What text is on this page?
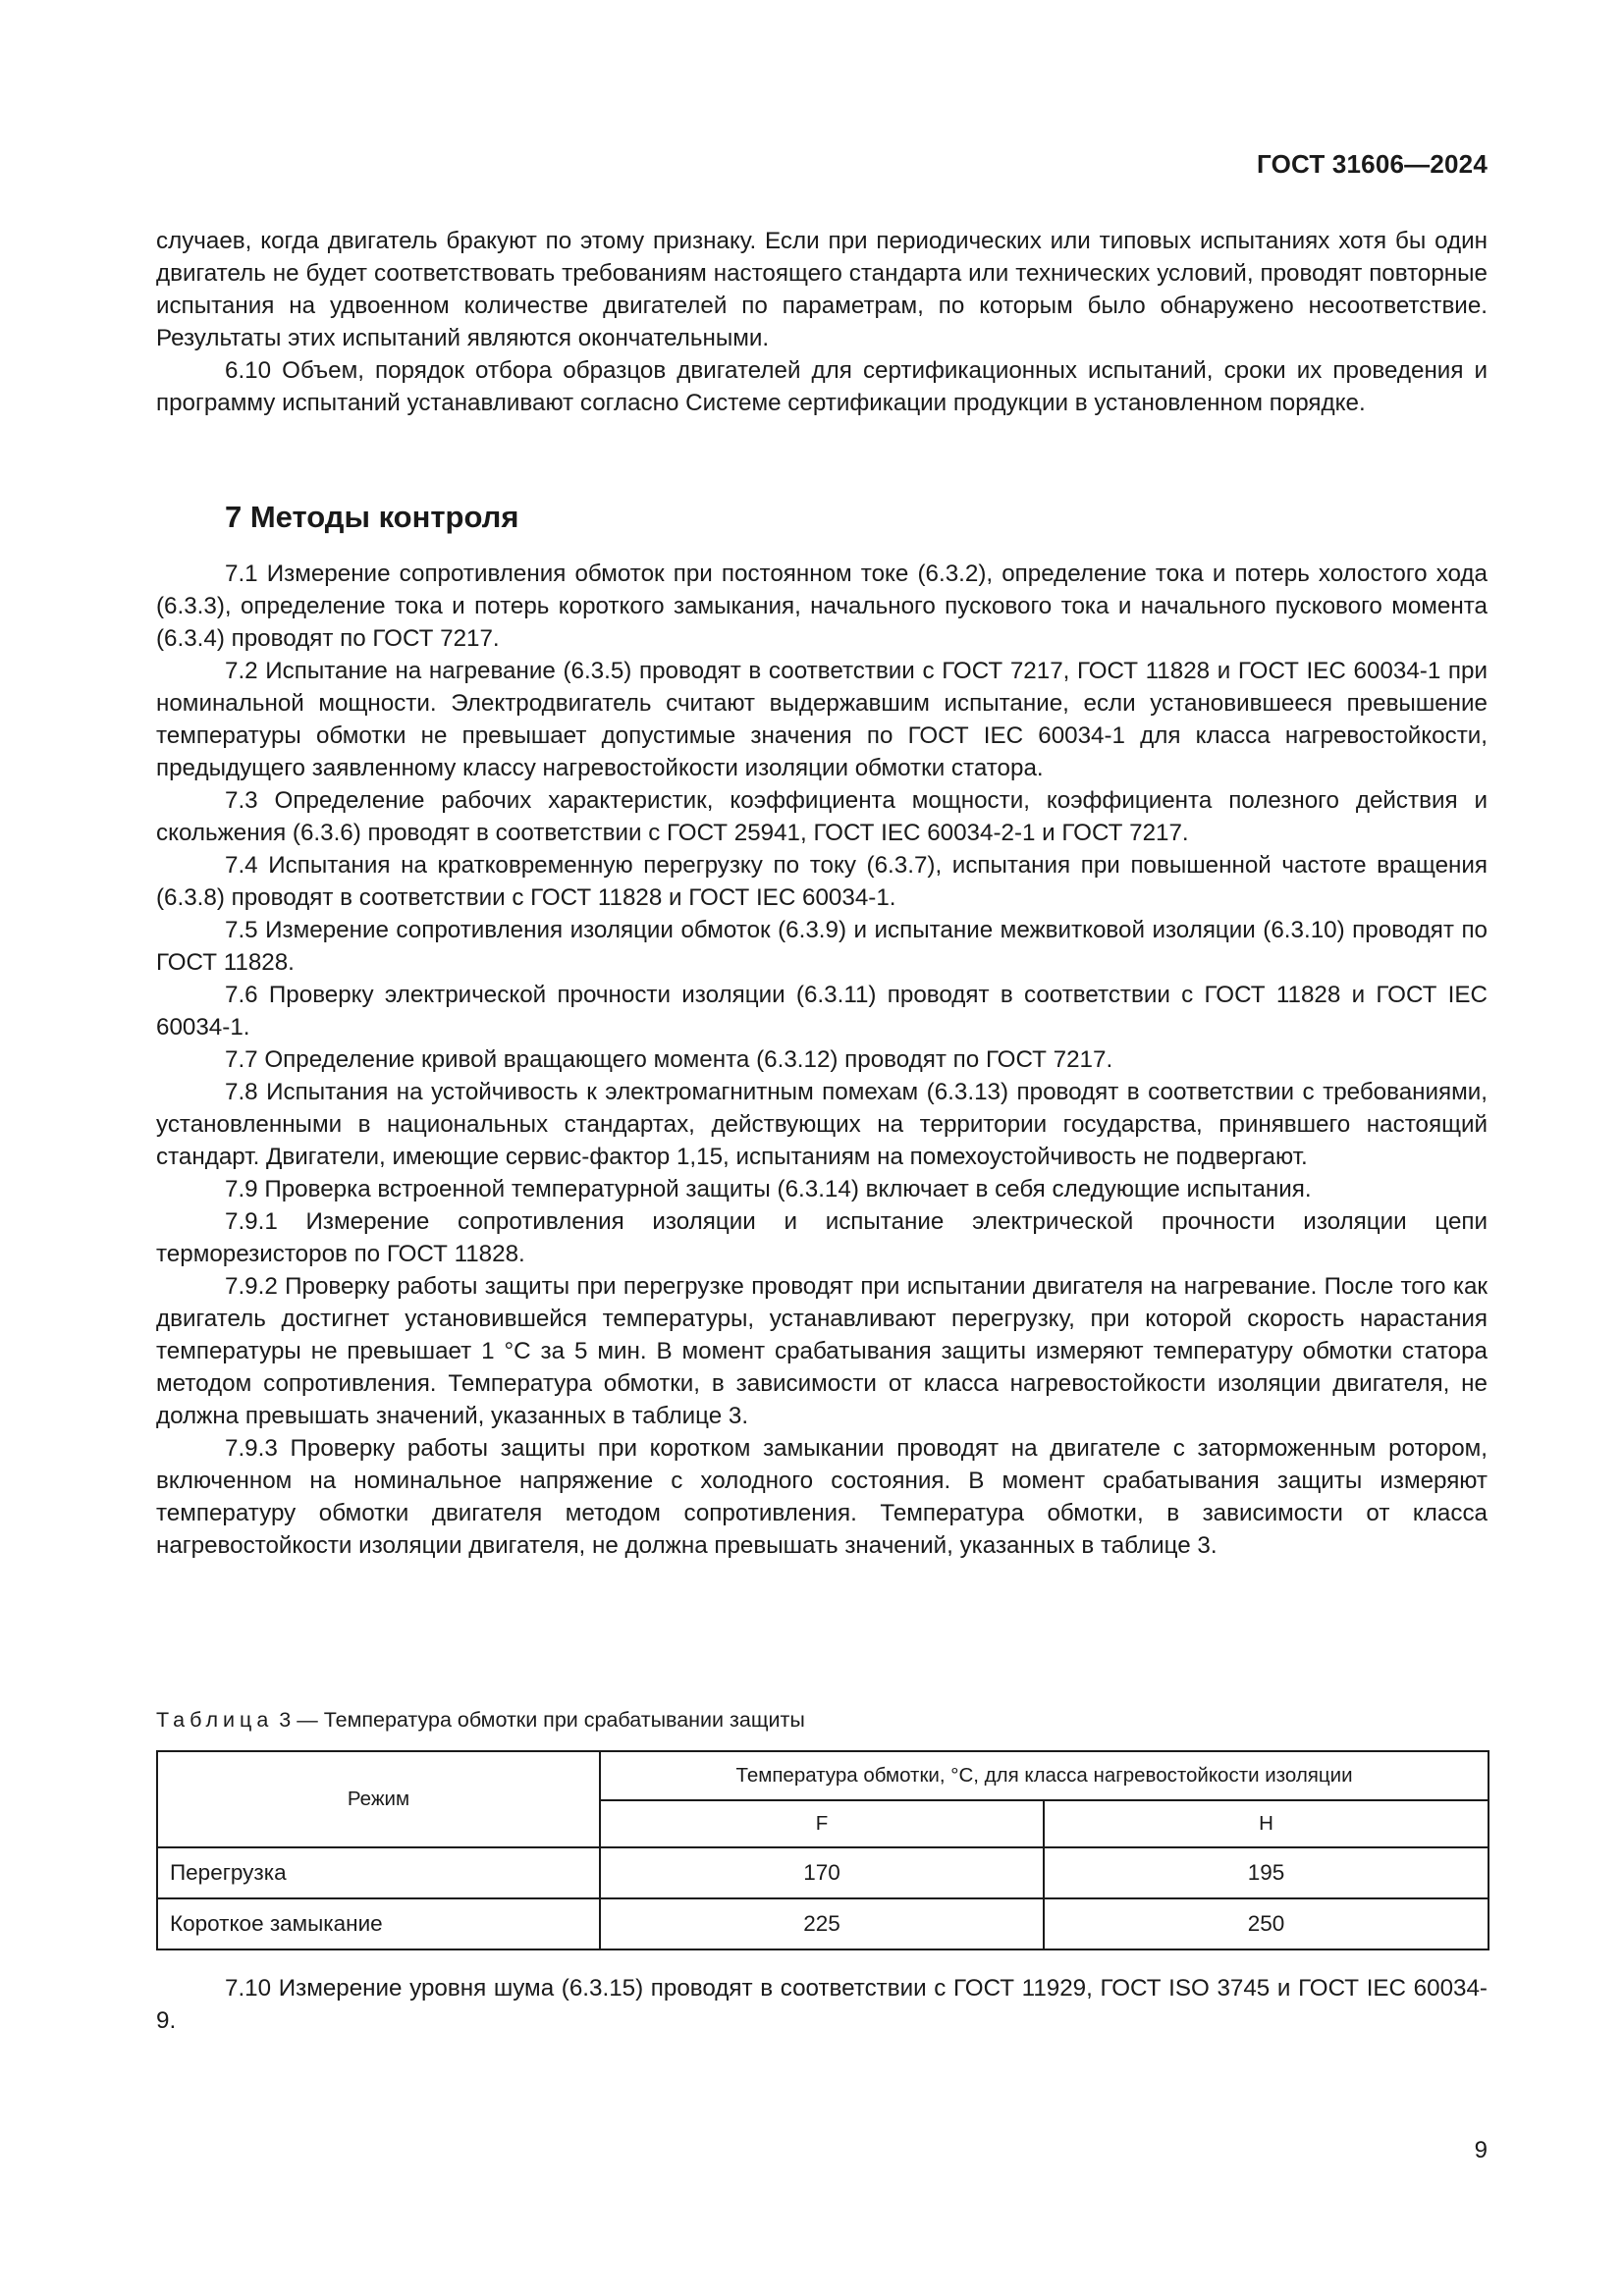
ГОСТ 31606—2024

случаев, когда двигатель бракуют по этому признаку. Если при периодических или типовых испытаниях хотя бы один двигатель не будет соответствовать требованиям настоящего стандарта или технических условий, проводят повторные испытания на удвоенном количестве двигателей по параметрам, по которым было обнаружено несоответствие. Результаты этих испытаний являются окончательными.

6.10 Объем, порядок отбора образцов двигателей для сертификационных испытаний, сроки их проведения и программу испытаний устанавливают согласно Системе сертификации продукции в установленном порядке.

7 Методы контроля

7.1 Измерение сопротивления обмоток при постоянном токе (6.3.2), определение тока и потерь холостого хода (6.3.3), определение тока и потерь короткого замыкания, начального пускового тока и начального пускового момента (6.3.4) проводят по ГОСТ 7217.

7.2 Испытание на нагревание (6.3.5) проводят в соответствии с ГОСТ 7217, ГОСТ 11828 и ГОСТ IEC 60034-1 при номинальной мощности. Электродвигатель считают выдержавшим испытание, если установившееся превышение температуры обмотки не превышает допустимые значения по ГОСТ IEC 60034-1 для класса нагревостойкости, предыдущего заявленному классу нагревостойкости изоляции обмотки статора.

7.3 Определение рабочих характеристик, коэффициента мощности, коэффициента полезного действия и скольжения (6.3.6) проводят в соответствии с ГОСТ 25941, ГОСТ IEC 60034-2-1 и ГОСТ 7217.

7.4 Испытания на кратковременную перегрузку по току (6.3.7), испытания при повышенной частоте вращения (6.3.8) проводят в соответствии с ГОСТ 11828 и ГОСТ IEC 60034-1.

7.5 Измерение сопротивления изоляции обмоток (6.3.9) и испытание межвитковой изоляции (6.3.10) проводят по ГОСТ 11828.

7.6 Проверку электрической прочности изоляции (6.3.11) проводят в соответствии с ГОСТ 11828 и ГОСТ IEC 60034-1.

7.7 Определение кривой вращающего момента (6.3.12) проводят по ГОСТ 7217.

7.8 Испытания на устойчивость к электромагнитным помехам (6.3.13) проводят в соответствии с требованиями, установленными в национальных стандартах, действующих на территории государства, принявшего настоящий стандарт. Двигатели, имеющие сервис-фактор 1,15, испытаниям на помехоустойчивость не подвергают.

7.9 Проверка встроенной температурной защиты (6.3.14) включает в себя следующие испытания.

7.9.1 Измерение сопротивления изоляции и испытание электрической прочности изоляции цепи терморезисторов по ГОСТ 11828.

7.9.2 Проверку работы защиты при перегрузке проводят при испытании двигателя на нагревание. После того как двигатель достигнет установившейся температуры, устанавливают перегрузку, при которой скорость нарастания температуры не превышает 1 °С за 5 мин. В момент срабатывания защиты измеряют температуру обмотки статора методом сопротивления. Температура обмотки, в зависимости от класса нагревостойкости изоляции двигателя, не должна превышать значений, указанных в таблице 3.

7.9.3 Проверку работы защиты при коротком замыкании проводят на двигателе с заторможенным ротором, включенном на номинальное напряжение с холодного состояния. В момент срабатывания защиты измеряют температуру обмотки двигателя методом сопротивления. Температура обмотки, в зависимости от класса нагревостойкости изоляции двигателя, не должна превышать значений, указанных в таблице 3.

Таблица 3 — Температура обмотки при срабатывании защиты
Режим	Температура обмотки, °С, для класса нагревостойкости изоляции	
	F	H
Перегрузка	170	195
Короткое замыкание	225	250

7.10 Измерение уровня шума (6.3.15) проводят в соответствии с ГОСТ 11929, ГОСТ ISO 3745 и ГОСТ IEC 60034-9.

9
